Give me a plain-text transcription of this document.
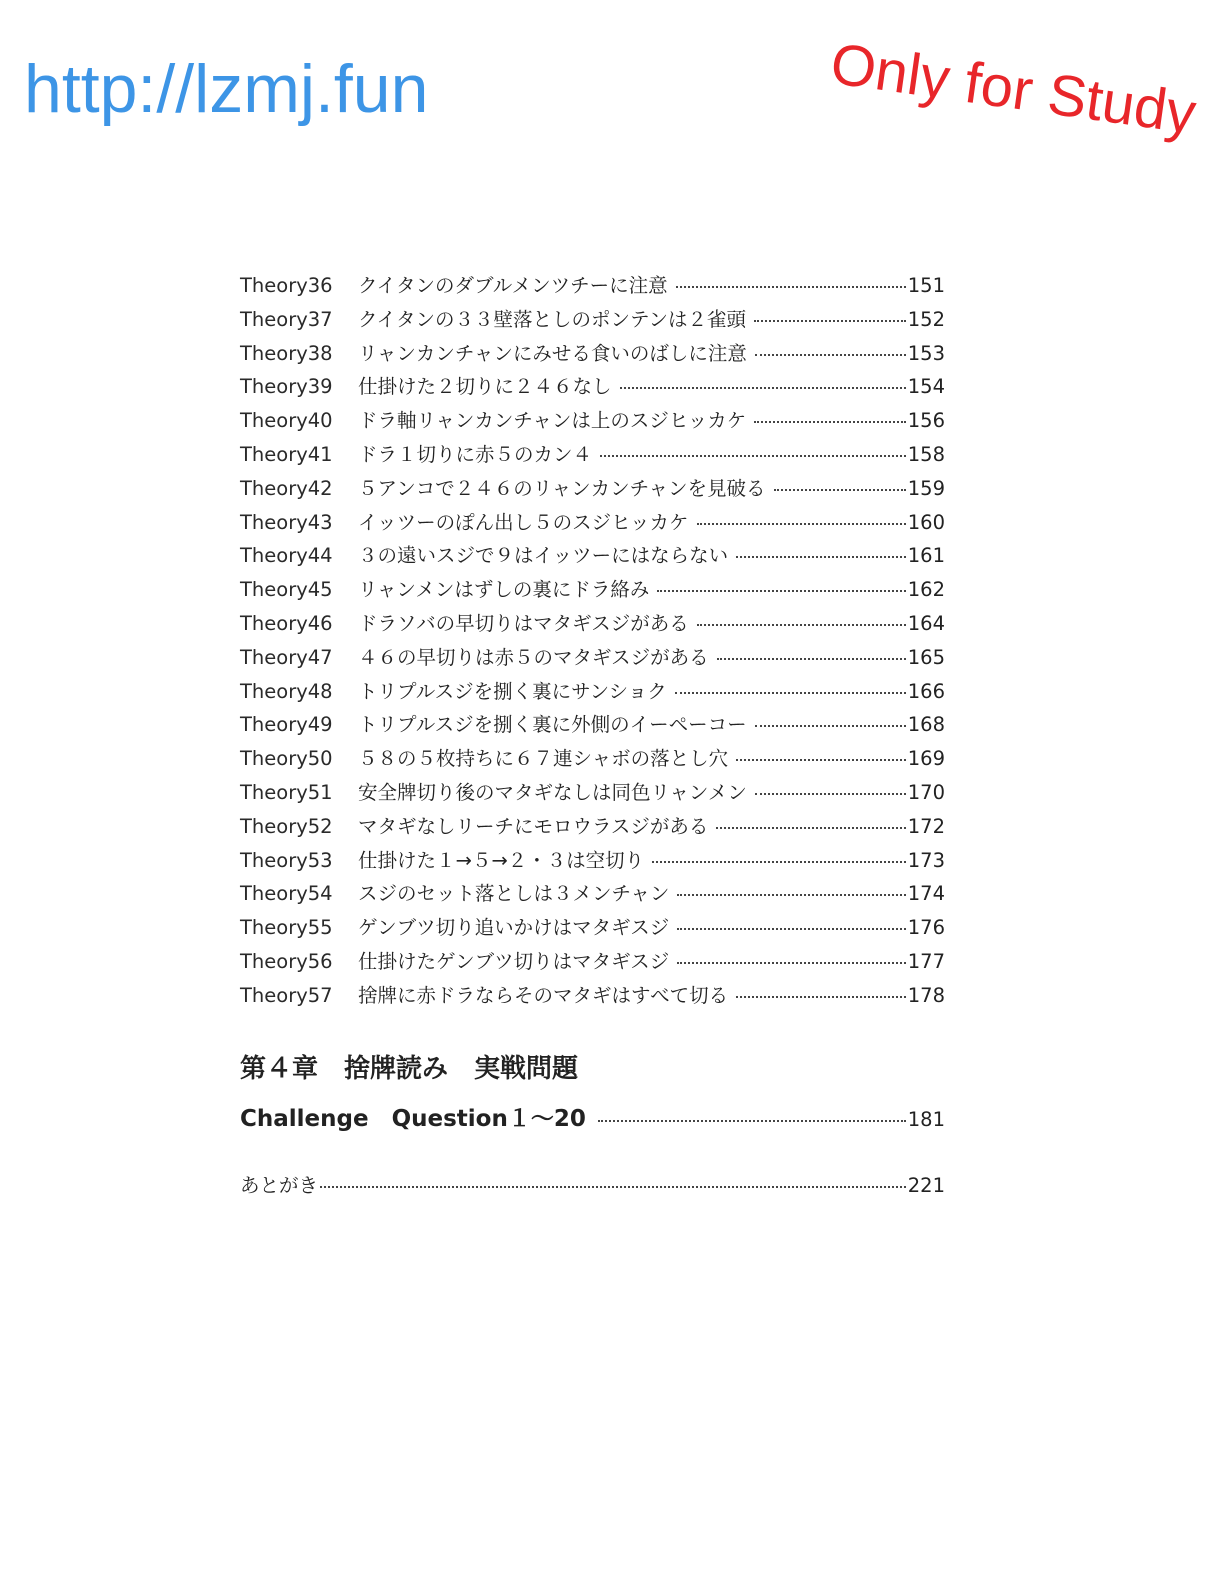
http://lzmj.fun	Only for Study
Theory36	クイタンのダブルメンツチーに注意	151
Theory37	クイタンの３３壁落としのポンテンは２雀頭	152
Theory38	リャンカンチャンにみせる食いのばしに注意	153
Theory39	仕掛けた２切りに２４６なし	154
Theory40	ドラ軸リャンカンチャンは上のスジヒッカケ	156
Theory41	ドラ１切りに赤５のカン４	158
Theory42	５アンコで２４６のリャンカンチャンを見破る	159
Theory43	イッツーのぽん出し５のスジヒッカケ	160
Theory44	３の遠いスジで９はイッツーにはならない	161
Theory45	リャンメンはずしの裏にドラ絡み	162
Theory46	ドラソバの早切りはマタギスジがある	164
Theory47	４６の早切りは赤５のマタギスジがある	165
Theory48	トリプルスジを捌く裏にサンショク	166
Theory49	トリプルスジを捌く裏に外側のイーペーコー	168
Theory50	５８の５枚持ちに６７連シャボの落とし穴	169
Theory51	安全牌切り後のマタギなしは同色リャンメン	170
Theory52	マタギなしリーチにモロウラスジがある	172
Theory53	仕掛けた１→５→２・３は空切り	173
Theory54	スジのセット落としは３メンチャン	174
Theory55	ゲンブツ切り追いかけはマタギスジ	176
Theory56	仕掛けたゲンブツ切りはマタギスジ	177
Theory57	捨牌に赤ドラならそのマタギはすべて切る	178
第４章　捨牌読み　実戦問題
Challenge　Question１〜20	181
あとがき	221
